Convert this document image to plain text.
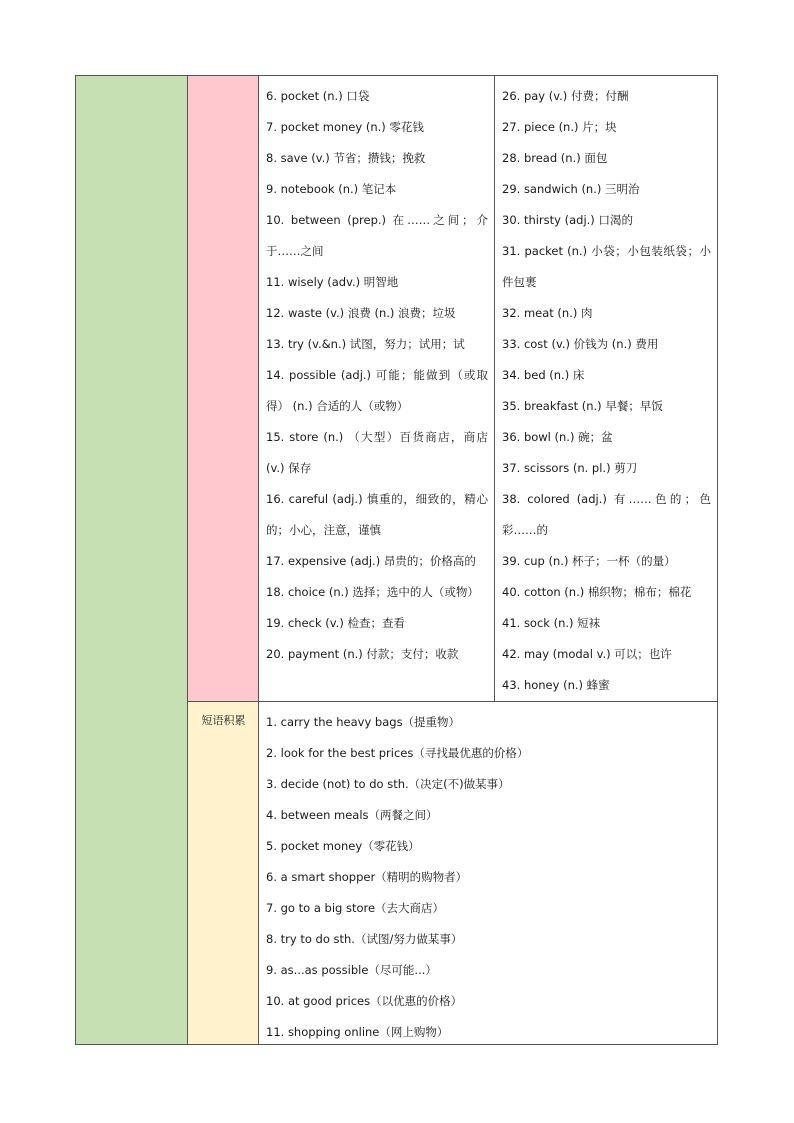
短语积累

6. pocket (n.) 口袋

7. pocket money (n.) 零花钱

8. save (v.) 节省；攒钱；挽救

9. notebook (n.) 笔记本

10. between (prep.) 在……之间；介于……之间

11. wisely (adv.) 明智地

12. waste (v.) 浪费 (n.) 浪费；垃圾

13. try (v.&n.) 试图，努力；试用；试

14. possible (adj.) 可能；能做到（或取得） (n.) 合适的人（或物）

15. store (n.) （大型）百货商店，商店 (v.) 保存

16. careful (adj.) 慎重的，细致的，精心的；小心，注意，谨慎

17. expensive (adj.) 昂贵的；价格高的

18. choice (n.) 选择；选中的人（或物）

19. check (v.) 检查；查看

20. payment (n.) 付款；支付；收款

26. pay (v.) 付费；付酬

27. piece (n.) 片；块

28. bread (n.) 面包

29. sandwich (n.) 三明治

30. thirsty (adj.) 口渴的

31. packet (n.) 小袋；小包装纸袋；小件包裹

32. meat (n.) 肉

33. cost (v.) 价钱为 (n.) 费用

34. bed (n.) 床

35. breakfast (n.) 早餐；早饭

36. bowl (n.) 碗；盆

37. scissors (n. pl.) 剪刀

38. colored (adj.) 有……色的；色彩……的

39. cup (n.) 杯子；一杯（的量）

40. cotton (n.) 棉织物；棉布；棉花

41. sock (n.) 短袜

42. may (modal v.) 可以；也许

43. honey (n.) 蜂蜜

1. carry the heavy bags（提重物）

2. look for the best prices（寻找最优惠的价格）

3. decide (not) to do sth.（决定(不)做某事）

4. between meals（两餐之间）

5. pocket money（零花钱）

6. a smart shopper（精明的购物者）

7. go to a big store（去大商店）

8. try to do sth.（试图/努力做某事）

9. as...as possible（尽可能...）

10. at good prices（以优惠的价格）

11. shopping online（网上购物）
